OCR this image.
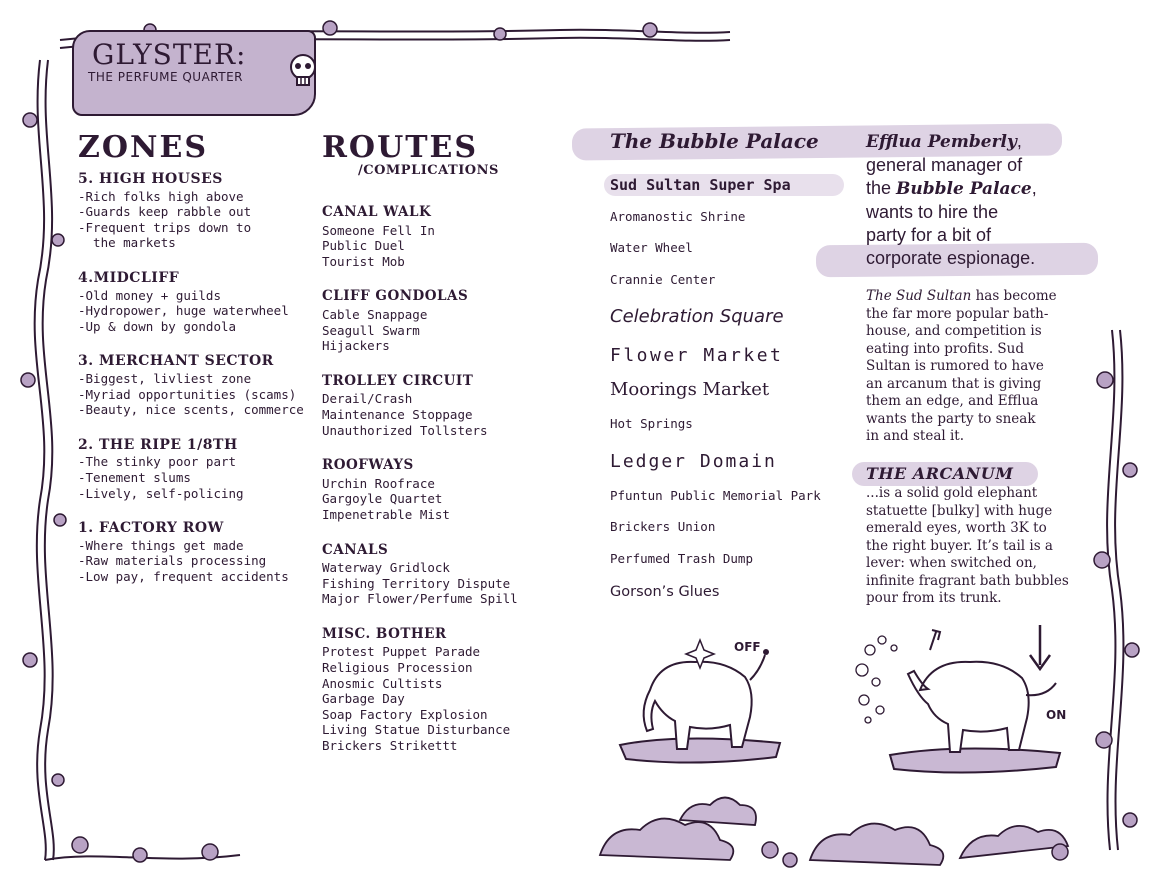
GLYSTER:
THE PERFUME QUARTER
ZONES
5. HIGH HOUSES
-Rich folks high above
-Guards keep rabble out
-Frequent trips down to
the markets
4.MIDCLIFF
-Old money + guilds
-Hydropower, huge waterwheel
-Up & down by gondola
3. MERCHANT SECTOR
-Biggest, livliest zone
-Myriad opportunities (scams)
-Beauty, nice scents, commerce
2. THE RIPE 1/8TH
-The stinky poor part
-Tenement slums
-Lively, self-policing
1. FACTORY ROW
-Where things get made
-Raw materials processing
-Low pay, frequent accidents
ROUTES
/COMPLICATIONS
CANAL WALK
Someone Fell In
Public Duel
Tourist Mob
CLIFF GONDOLAS
Cable Snappage
Seagull Swarm
Hijackers
TROLLEY CIRCUIT
Derail/Crash
Maintenance Stoppage
Unauthorized Tollsters
ROOFWAYS
Urchin Roofrace
Gargoyle Quartet
Impenetrable Mist
CANALS
Waterway Gridlock
Fishing Territory Dispute
Major Flower/Perfume Spill
MISC. BOTHER
Protest Puppet Parade
Religious Procession
Anosmic Cultists
Garbage Day
Soap Factory Explosion
Living Statue Disturbance
Brickers Strikettt
The Bubble Palace
Sud Sultan Super Spa
Aromanostic Shrine
Water Wheel
Crannie Center
Celebration Square
Flower Market
Moorings Market
Hot Springs
Ledger Domain
Pfuntun Public Memorial Park
Brickers Union
Perfumed Trash Dump
Gorson’s Glues
Efflua Pemberly,
general manager of
the Bubble Palace,
wants to hire the
party for a bit of
corporate espionage.
The Sud Sultan has become
the far more popular bath-
house, and competition is
eating into profits. Sud
Sultan is rumored to have
an arcanum that is giving
them an edge, and Efflua
wants the party to sneak
in and steal it.
THE ARCANUM
...is a solid gold elephant
statuette [bulky] with huge
emerald eyes, worth 3K to
the right buyer. It’s tail is a
lever: when switched on,
infinite fragrant bath bubbles
pour from its trunk.
OFF
ON
